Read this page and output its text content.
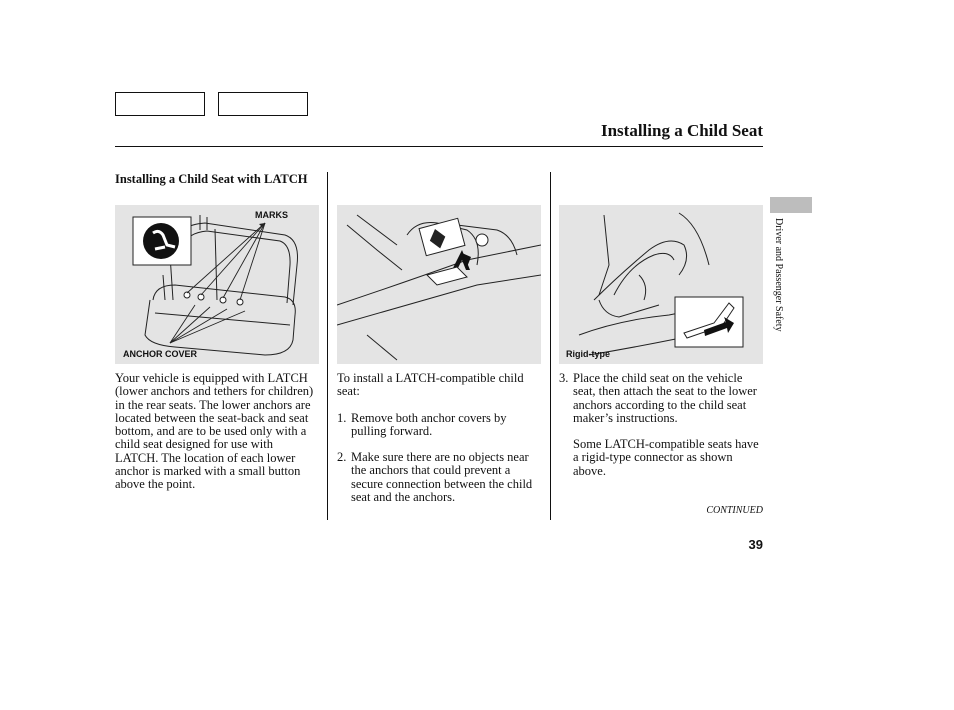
Installing a Child Seat
Driver and Passenger Safety
Installing a Child Seat with LATCH
MARKS
ANCHOR COVER	Rigid-type

Your vehicle is equipped with LATCH (lower anchors and tethers for children) in the rear seats. The lower anchors are located between the seat-back and seat bottom, and are to be used only with a child seat designed for use with LATCH. The location of each lower anchor is marked with a small button above the point.

To install a LATCH-compatible child seat:

1. Remove both anchor covers by pulling forward.
2. Make sure there are no objects near the anchors that could prevent a secure connection between the child seat and the anchors.
3. Place the child seat on the vehicle seat, then attach the seat to the lower anchors according to the child seat maker’s instructions.
Some LATCH-compatible seats have a rigid-type connector as shown above.
CONTINUED
39
